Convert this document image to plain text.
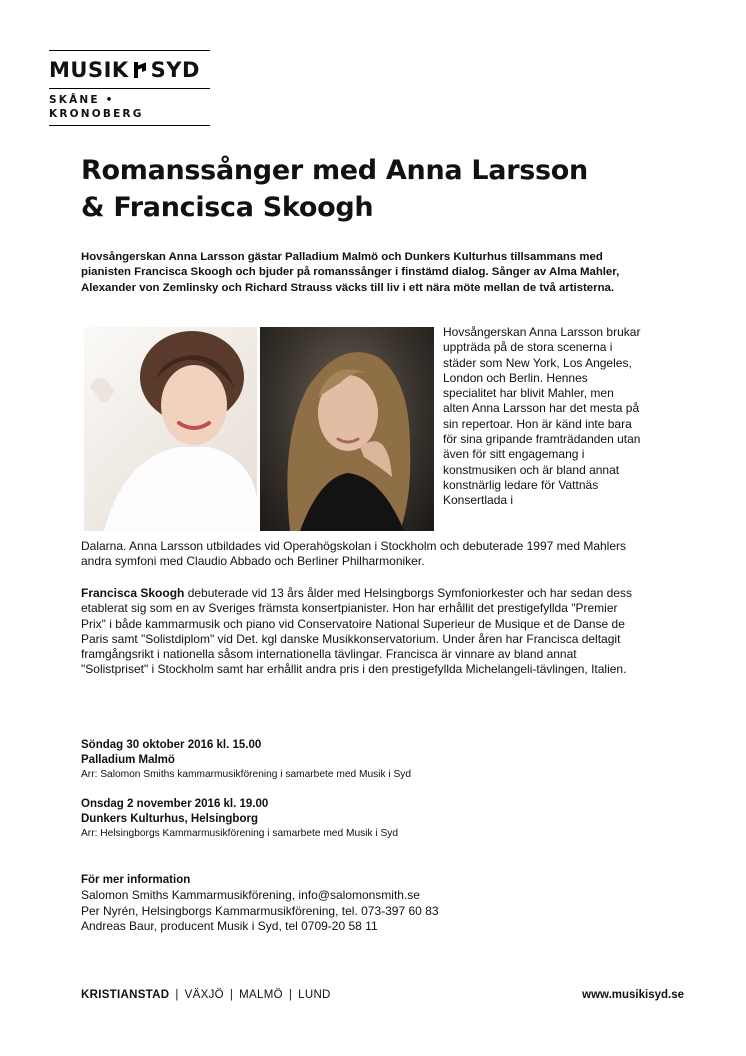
MUSIK SYD
SKÅNE • KRONOBERG
Romanssånger med Anna Larsson
& Francisca Skoogh
Hovsångerskan Anna Larsson gästar Palladium Malmö och Dunkers Kulturhus tillsammans med pianisten Francisca Skoogh och bjuder på romanssånger i finstämd dialog. Sånger av Alma Mahler, Alexander von Zemlinsky och Richard Strauss väcks till liv i ett nära möte mellan de två artisterna.
Hovsångerskan Anna Larsson brukar uppträda på de stora scenerna i städer som New York, Los Angeles, London och Berlin. Hennes specialitet har blivit Mahler, men alten Anna Larsson har det mesta på sin repertoar. Hon är känd inte bara för sina gripande framträdanden utan även för sitt engagemang i konstmusiken och är bland annat konstnärlig ledare för Vattnäs Konsertlada i
Dalarna. Anna Larsson utbildades vid Operahögskolan i Stockholm och debuterade 1997 med Mahlers andra symfoni med Claudio Abbado och Berliner Philharmoniker.
Francisca Skoogh debuterade vid 13 års ålder med Helsingborgs Symfoniorkester och har sedan dess etablerat sig som en av Sveriges främsta konsertpianister. Hon har erhållit det prestigefyllda "Premier Prix" i både kammarmusik och piano vid Conservatoire National Superieur de Musique et de Danse de Paris samt "Solistdiplom" vid Det. kgl danske Musikkonservatorium. Under åren har Francisca deltagit framgångsrikt i nationella såsom internationella tävlingar. Francisca är vinnare av bland annat "Solistpriset" i Stockholm samt har erhållit andra pris i den prestigefyllda Michelangeli-tävlingen, Italien.
Söndag 30 oktober 2016 kl. 15.00
Palladium Malmö
Arr: Salomon Smiths kammarmusikförening i samarbete med Musik i Syd
Onsdag 2 november 2016 kl. 19.00
Dunkers Kulturhus, Helsingborg
Arr: Helsingborgs Kammarmusikförening i samarbete med Musik i Syd
För mer information
Salomon Smiths Kammarmusikförening, info@salomonsmith.se
Per Nyrén, Helsingborgs Kammarmusikförening, tel. 073-397 60 83
Andreas Baur, producent Musik i Syd, tel 0709-20 58 11
KRISTIANSTAD | VÄXJÖ | MALMÖ | LUND	www.musikisyd.se
